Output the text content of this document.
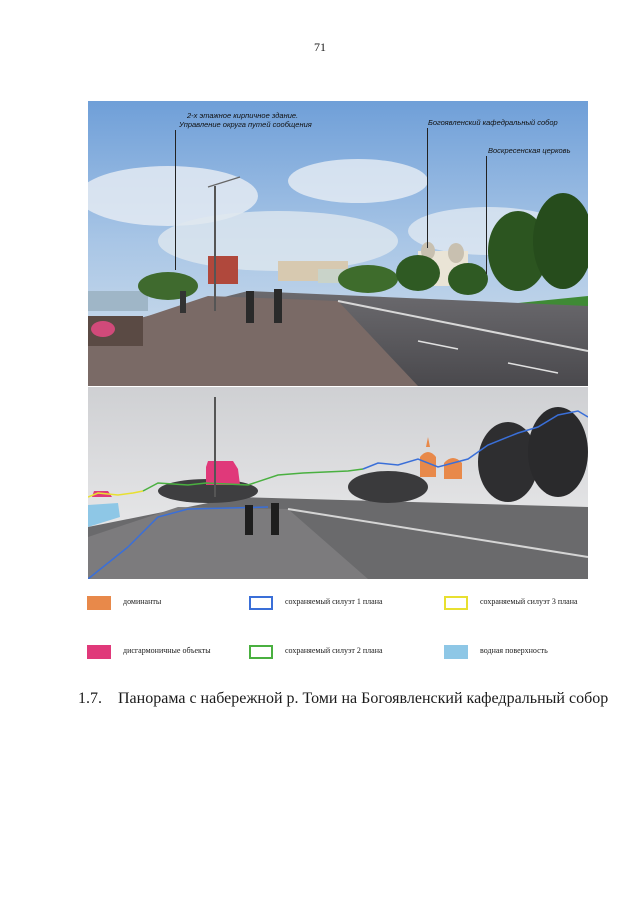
71
2-х этажное кирпичное здание.
Управление округа путей сообщения	Богоявленский кафедральный собор
Воскресенская церковь
доминанты	сохраняемый силуэт 1 плана	сохраняемый силуэт 3 плана
дисгармоничные объекты	сохраняемый силуэт 2 плана	водная поверхность
1.7. Панорама с набережной р. Томи на Богоявленский кафедральный собор
